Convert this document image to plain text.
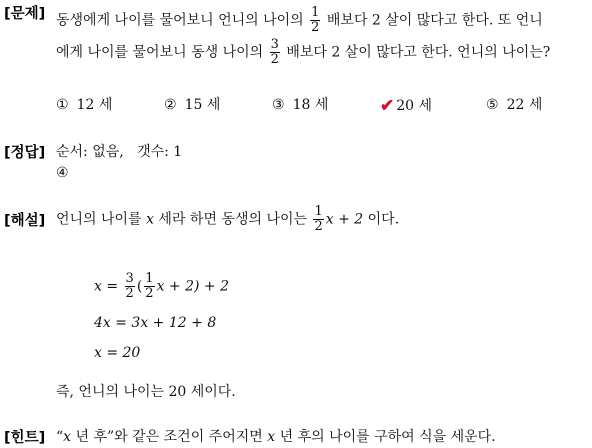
[문제] 동생에게 나이를 물어보니 언니의 나이의 $\frac{1}{2}$ 배보다 2 살이 많다고 한다. 또 언니
에게 나이를 물어보니 동생 나이의 $\frac{3}{2}$ 배보다 2 살이 많다고 한다. 언니의 나이는?
① 12 세	② 15 세	③ 18 세	✔ 20 세	⑤ 22 세
[정답] 순서: 없음,   갯수: 1
④
[해설] 언니의 나이를 x 세라 하면 동생의 나이는 $\frac{1}{2}$ x + 2 이다.
$x = \frac{3}{2}$ ( $\frac{1}{2}$ x + 2) + 2
4x = 3x + 12 + 8
x = 20
즉, 언니의 나이는 20 세이다.
[힌트] “x 년 후”와 같은 조건이 주어지면 x 년 후의 나이를 구하여 식을 세운다.
